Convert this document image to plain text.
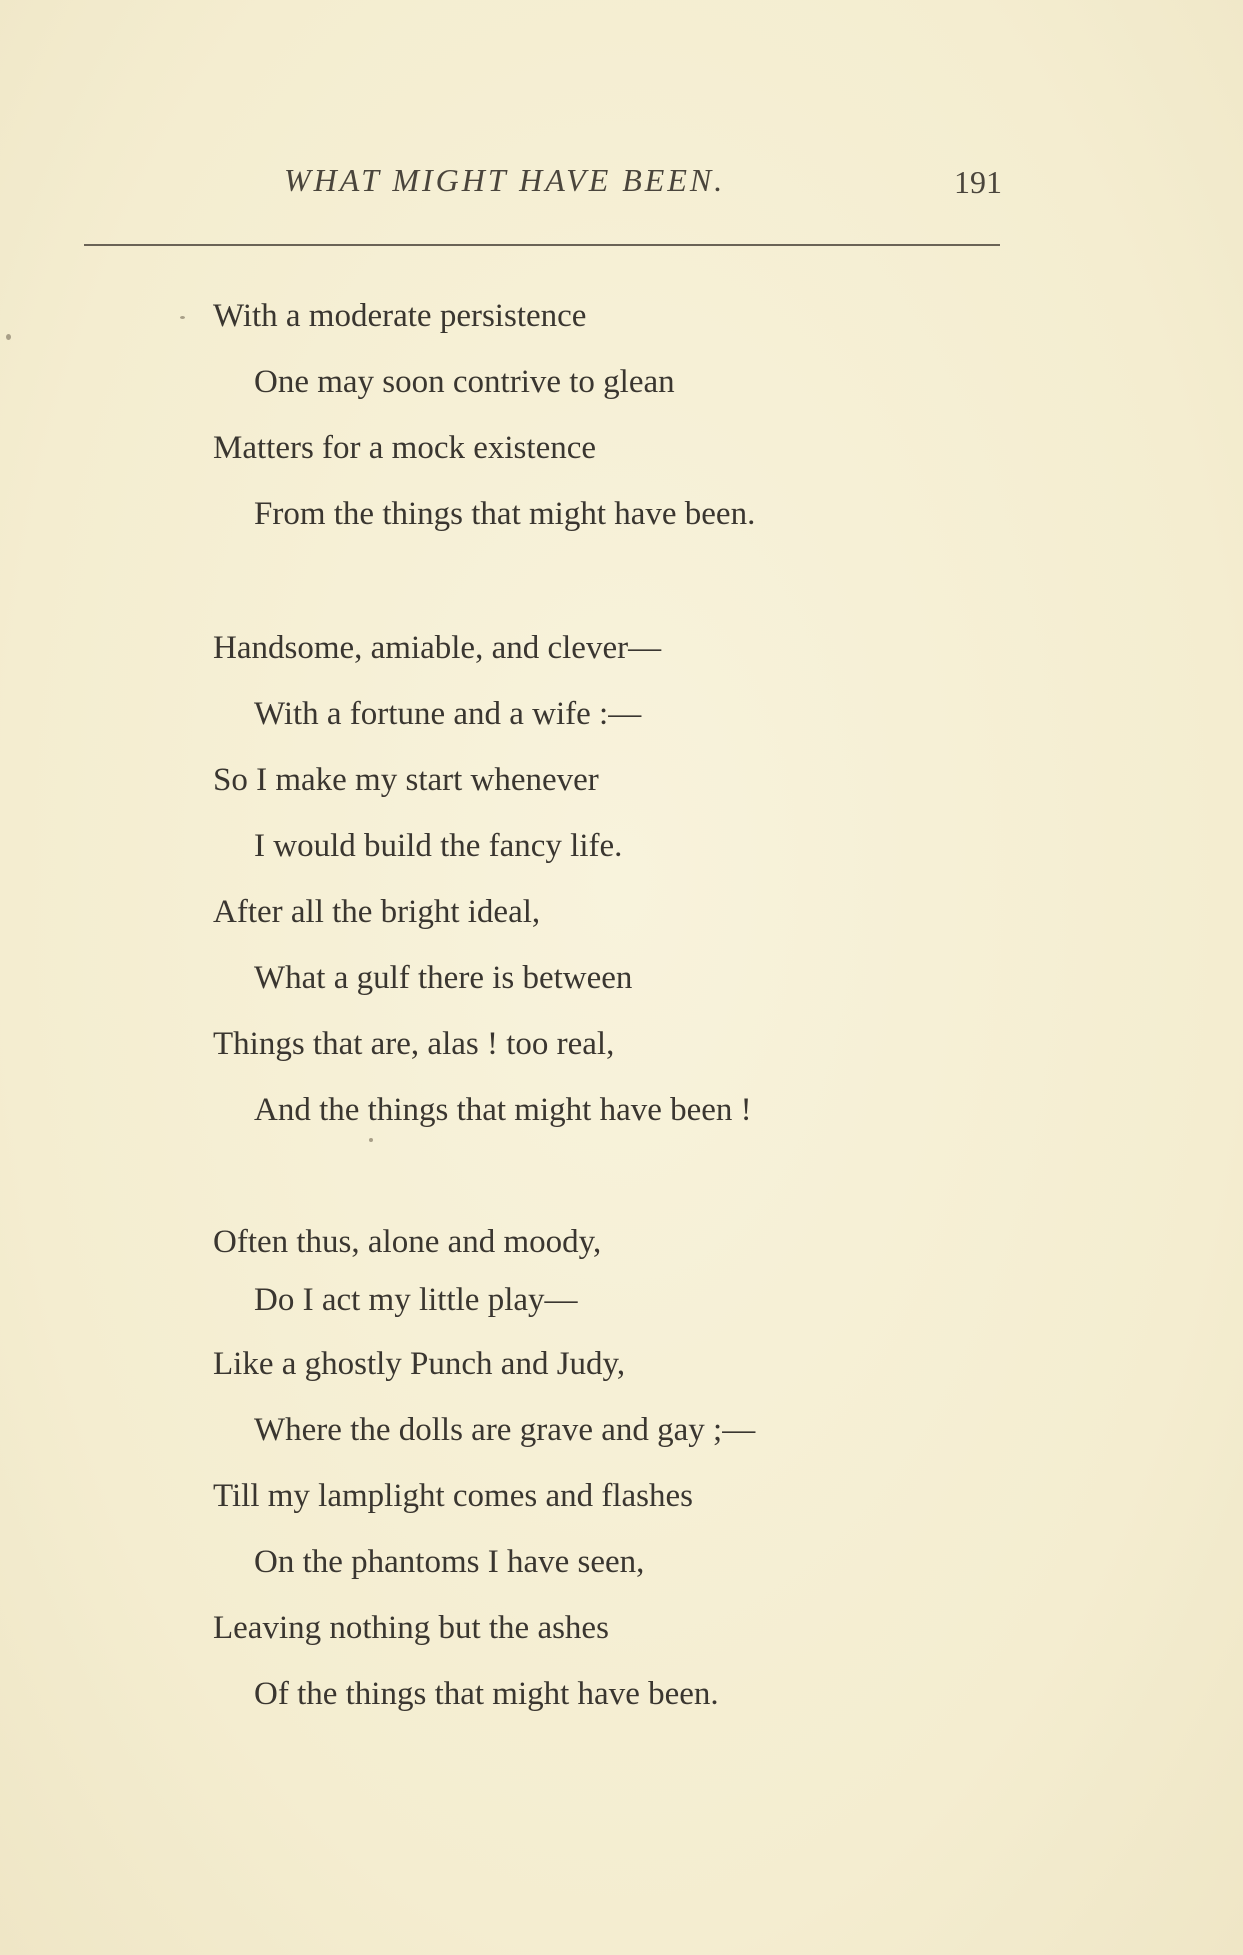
WHAT MIGHT HAVE BEEN.	191
With a moderate persistence
One may soon contrive to glean
Matters for a mock existence
From the things that might have been.
Handsome, amiable, and clever—
With a fortune and a wife :—
So I make my start whenever
I would build the fancy life.
After all the bright ideal,
What a gulf there is between
Things that are, alas ! too real,
And the things that might have been !
Often thus, alone and moody,
Do I act my little play—
Like a ghostly Punch and Judy,
Where the dolls are grave and gay ;—
Till my lamplight comes and flashes
On the phantoms I have seen,
Leaving nothing but the ashes
Of the things that might have been.
